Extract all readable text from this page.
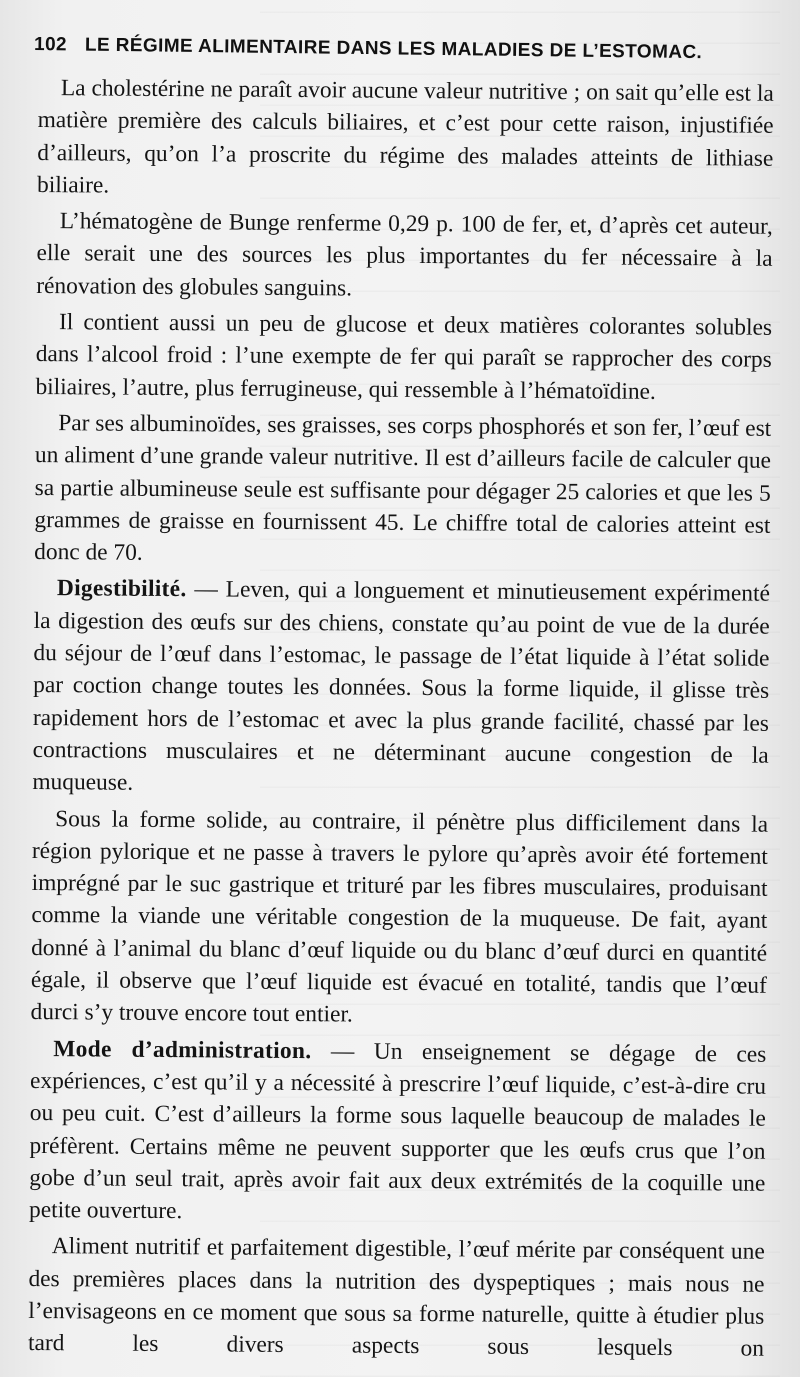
102 LE RÉGIME ALIMENTAIRE DANS LES MALADIES DE L’ESTOMAC.

La cholestérine ne paraît avoir aucune valeur nutritive ; on sait qu’elle est la matière première des calculs biliaires, et c’est pour cette raison, injustifiée d’ailleurs, qu’on l’a proscrite du régime des malades atteints de lithiase biliaire.

L’hématogène de Bunge renferme 0,29 p. 100 de fer, et, d’après cet auteur, elle serait une des sources les plus importantes du fer nécessaire à la rénovation des globules sanguins.

Il contient aussi un peu de glucose et deux matières colorantes solubles dans l’alcool froid : l’une exempte de fer qui paraît se rapprocher des corps biliaires, l’autre, plus ferrugineuse, qui ressemble à l’hématoïdine.

Par ses albuminoïdes, ses graisses, ses corps phosphorés et son fer, l’œuf est un aliment d’une grande valeur nutritive. Il est d’ailleurs facile de calculer que sa partie albumineuse seule est suffisante pour dégager 25 calories et que les 5 grammes de graisse en fournissent 45. Le chiffre total de calories atteint est donc de 70.

Digestibilité. — Leven, qui a longuement et minutieusement expérimenté la digestion des œufs sur des chiens, constate qu’au point de vue de la durée du séjour de l’œuf dans l’estomac, le passage de l’état liquide à l’état solide par coction change toutes les données. Sous la forme liquide, il glisse très rapidement hors de l’estomac et avec la plus grande facilité, chassé par les contractions musculaires et ne déterminant aucune congestion de la muqueuse.

Sous la forme solide, au contraire, il pénètre plus difficilement dans la région pylorique et ne passe à travers le pylore qu’après avoir été fortement imprégné par le suc gastrique et trituré par les fibres musculaires, produisant comme la viande une véritable congestion de la muqueuse. De fait, ayant donné à l’animal du blanc d’œuf liquide ou du blanc d’œuf durci en quantité égale, il observe que l’œuf liquide est évacué en totalité, tandis que l’œuf durci s’y trouve encore tout entier.

Mode d’administration. — Un enseignement se dégage de ces expériences, c’est qu’il y a nécessité à prescrire l’œuf liquide, c’est-à-dire cru ou peu cuit. C’est d’ailleurs la forme sous laquelle beaucoup de malades le préfèrent. Certains même ne peuvent supporter que les œufs crus que l’on gobe d’un seul trait, après avoir fait aux deux extrémités de la coquille une petite ouverture.

Aliment nutritif et parfaitement digestible, l’œuf mérite par conséquent une des premières places dans la nutrition des dyspeptiques ; mais nous ne l’envisageons en ce moment que sous sa forme naturelle, quitte à étudier plus tard les divers aspects sous lesquels on
